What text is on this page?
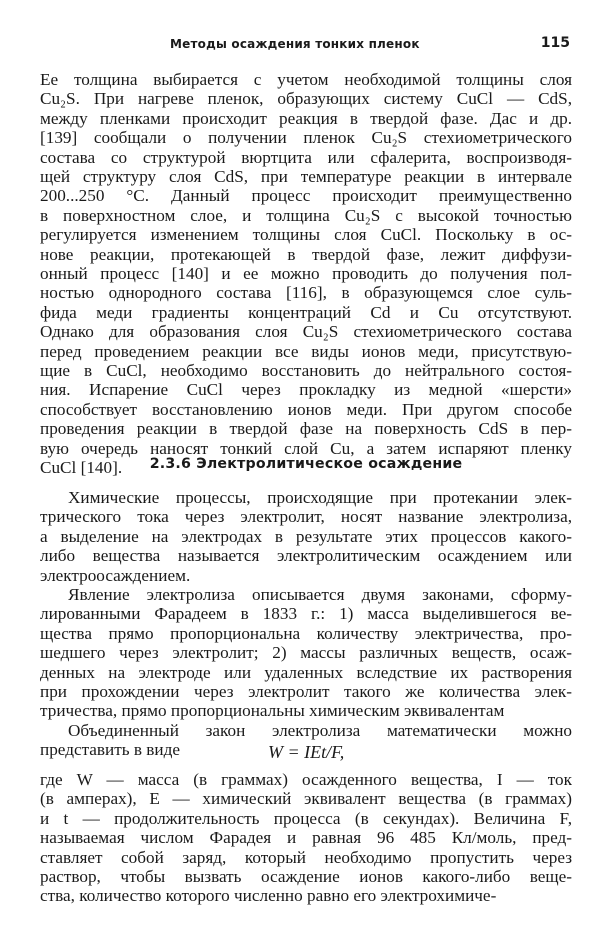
Методы осаждения тонких пленок	115
Ее толщина выбирается с учетом необходимой толщины слоя
Cu₂S. При нагреве пленок, образующих систему CuCl — CdS,
между пленками происходит реакция в твердой фазе. Дас и др.
[139] сообщали о получении пленок Cu₂S стехиометрического
состава со структурой вюртцита или сфалерита, воспроизводя-
щей структуру слоя CdS, при температуре реакции в интервале
200...250 °C. Данный процесс происходит преимущественно
в поверхностном слое, и толщина Cu₂S с высокой точностью
регулируется изменением толщины слоя CuCl. Поскольку в ос-
нове реакции, протекающей в твердой фазе, лежит диффузи-
онный процесс [140] и ее можно проводить до получения пол-
ностью однородного состава [116], в образующемся слое суль-
фида меди градиенты концентраций Cd и Cu отсутствуют.
Однако для образования слоя Cu₂S стехиометрического состава
перед проведением реакции все виды ионов меди, присутствую-
щие в CuCl, необходимо восстановить до нейтрального состоя-
ния. Испарение CuCl через прокладку из медной «шерсти»
способствует восстановлению ионов меди. При другом способе
проведения реакции в твердой фазе на поверхность CdS в пер-
вую очередь наносят тонкий слой Cu, а затем испаряют пленку
CuCl [140].	2.3.6 Электролитическое осаждение
Химические процессы, происходящие при протекании элек-
трического тока через электролит, носят название электролиза,
а выделение на электродах в результате этих процессов какого-
либо вещества называется электролитическим осаждением или
электроосаждением.
Явление электролиза описывается двумя законами, сформу-
лированными Фарадеем в 1833 г.: 1) масса выделившегося ве-
щества прямо пропорциональна количеству электричества, про-
шедшего через электролит; 2) массы различных веществ, осаж-
денных на электроде или удаленных вследствие их растворения
при прохождении через электролит такого же количества элек-
тричества, прямо пропорциональны химическим эквивалентам
Объединенный закон электролиза математически можно
представить в виде	W = IEt/F,
где W — масса (в граммах) осажденного вещества, I — ток
(в амперах), E — химический эквивалент вещества (в граммах)
и t — продолжительность процесса (в секундах). Величина F,
называемая числом Фарадея и равная 96 485 Кл/моль, пред-
ставляет собой заряд, который необходимо пропустить через
раствор, чтобы вызвать осаждение ионов какого-либо веще-
ства, количество которого численно равно его электрохимиче-
